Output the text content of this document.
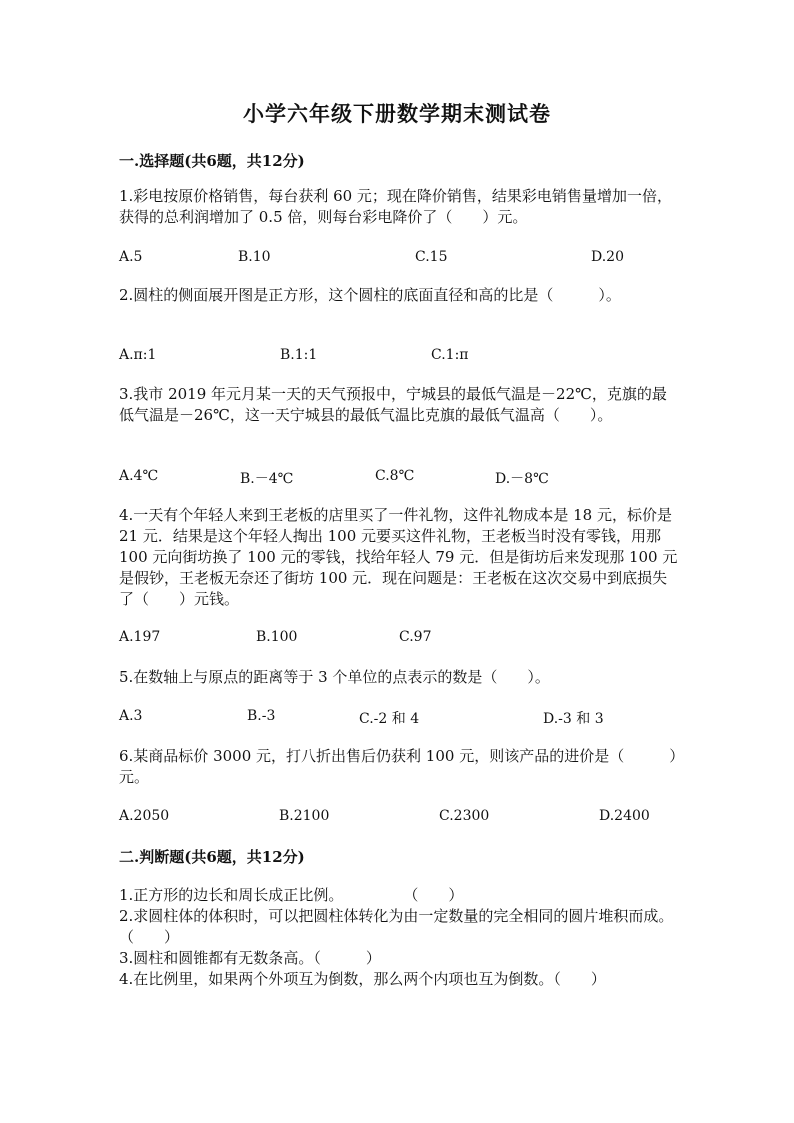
小学六年级下册数学期末测试卷
一.选择题(共6题，共12分)
1.彩电按原价格销售，每台获利 60 元；现在降价销售，结果彩电销售量增加一倍，获得的总利润增加了 0.5 倍，则每台彩电降价了（　　）元。
A.5	B.10	C.15	D.20
2.圆柱的侧面展开图是正方形，这个圆柱的底面直径和高的比是（　　　）。
A.π:1	B.1:1	C.1:π
3.我市 2019 年元月某一天的天气预报中，宁城县的最低气温是－22℃，克旗的最低气温是－26℃，这一天宁城县的最低气温比克旗的最低气温高（　　）。
A.4℃	B.－4℃	C.8℃	D.－8℃
4.一天有个年轻人来到王老板的店里买了一件礼物，这件礼物成本是 18 元，标价是 21 元．结果是这个年轻人掏出 100 元要买这件礼物，王老板当时没有零钱，用那 100 元向街坊换了 100 元的零钱，找给年轻人 79 元．但是街坊后来发现那 100 元是假钞，王老板无奈还了街坊 100 元．现在问题是：王老板在这次交易中到底损失了（　　）元钱。
A.197	B.100	C.97
5.在数轴上与原点的距离等于 3 个单位的点表示的数是（　　）。
A.3	B.-3	C.-2 和 4	D.-3 和 3
6.某商品标价 3000 元，打八折出售后仍获利 100 元，则该产品的进价是（　　　）元。
A.2050	B.2100	C.2300	D.2400
二.判断题(共6题，共12分)
1.正方形的边长和周长成正比例。　　　　　（　　）
2.求圆柱体的体积时，可以把圆柱体转化为由一定数量的完全相同的圆片堆积而成。（　　）
3.圆柱和圆锥都有无数条高。（　　　）
4.在比例里，如果两个外项互为倒数，那么两个内项也互为倒数。（　　）
